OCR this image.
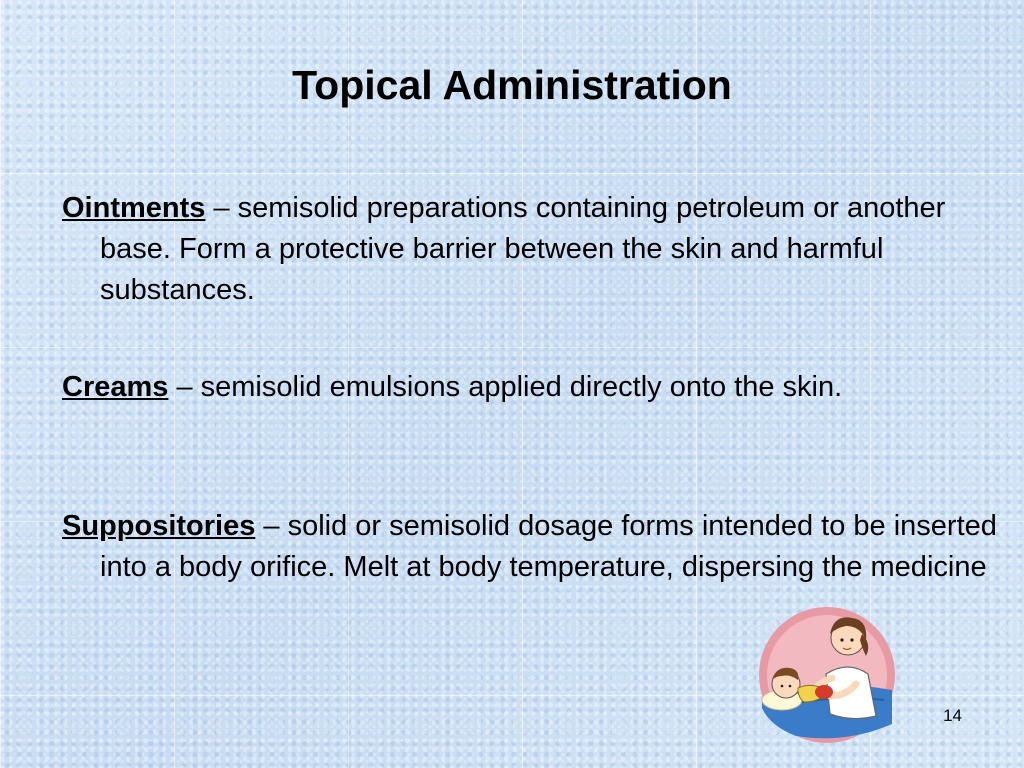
Topical Administration

Ointments – semisolid preparations containing petroleum or another base. Form a protective barrier between the skin and harmful substances.

Creams – semisolid emulsions applied directly onto the skin.

Suppositories – solid or semisolid dosage forms intended to be inserted into a body orifice. Melt at body temperature, dispersing the medicine

14
